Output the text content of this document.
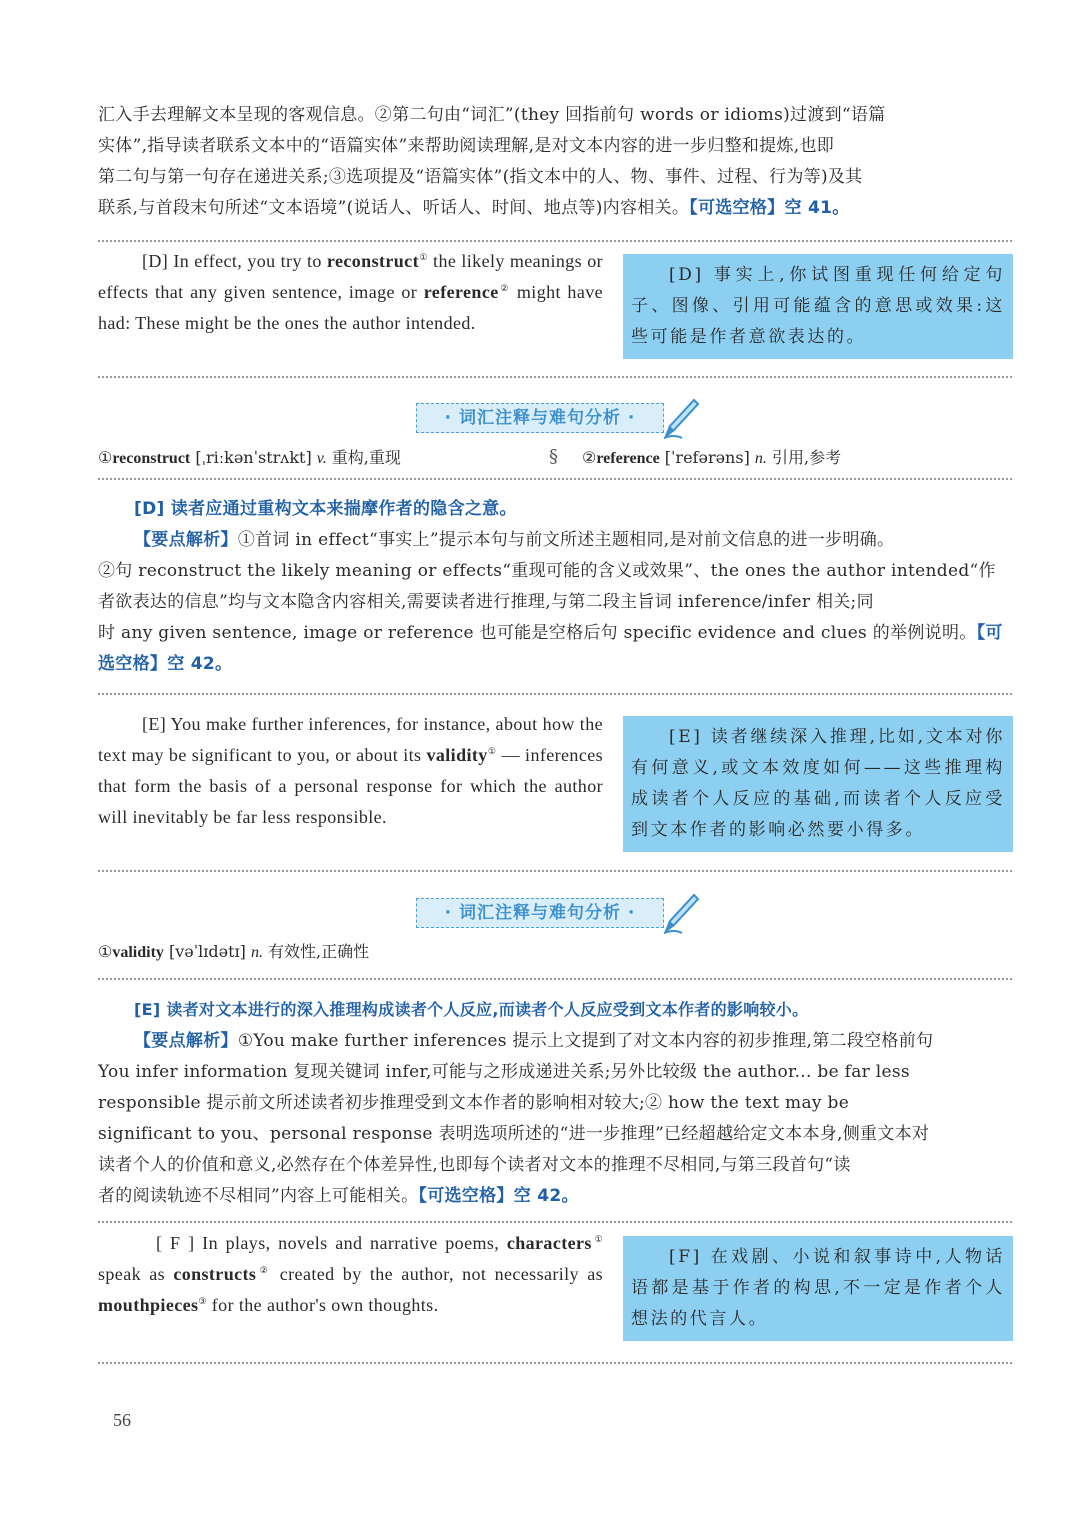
汇入手去理解文本呈现的客观信息。②第二句由“词汇”(they 回指前句 words or idioms)过渡到“语篇
实体”,指导读者联系文本中的“语篇实体”来帮助阅读理解,是对文本内容的进一步归整和提炼,也即
第二句与第一句存在递进关系;③选项提及“语篇实体”(指文本中的人、物、事件、过程、行为等)及其
联系,与首段末句所述“文本语境”(说话人、听话人、时间、地点等)内容相关。【可选空格】空 41。
[D] In effect, you try to reconstruct① the likely meanings or effects that any given sentence, image or reference② might have had: These might be the ones the author intended.
[D] 事实上,你试图重现任何给定句子、图像、引用可能蕴含的意思或效果:这些可能是作者意欲表达的。
· 词汇注释与难句分析 ·
①reconstruct [ˌriːkənˈstrʌkt] v. 重构,重现	§ ②reference [ˈrefərəns] n. 引用,参考
[D] 读者应通过重构文本来揣摩作者的隐含之意。
【要点解析】①首词 in effect“事实上”提示本句与前文所述主题相同,是对前文信息的进一步明确。
②句 reconstruct the likely meaning or effects“重现可能的含义或效果”、the ones the author intended“作
者欲表达的信息”均与文本隐含内容相关,需要读者进行推理,与第二段主旨词 inference/infer 相关;同
时 any given sentence, image or reference 也可能是空格后句 specific evidence and clues 的举例说明。【可
选空格】空 42。
[E] You make further inferences, for instance, about how the text may be significant to you, or about its validity① — inferences that form the basis of a personal response for which the author will inevitably be far less responsible.
[E] 读者继续深入推理,比如,文本对你有何意义,或文本效度如何——这些推理构成读者个人反应的基础,而读者个人反应受到文本作者的影响必然要小得多。
· 词汇注释与难句分析 ·
①validity [vəˈlɪdətɪ] n. 有效性,正确性
[E] 读者对文本进行的深入推理构成读者个人反应,而读者个人反应受到文本作者的影响较小。
【要点解析】①You make further inferences 提示上文提到了对文本内容的初步推理,第二段空格前句
You infer information 复现关键词 infer,可能与之形成递进关系;另外比较级 the author... be far less
responsible 提示前文所述读者初步推理受到文本作者的影响相对较大;② how the text may be
significant to you、personal response 表明选项所述的“进一步推理”已经超越给定文本本身,侧重文本对
读者个人的价值和意义,必然存在个体差异性,也即每个读者对文本的推理不尽相同,与第三段首句“读
者的阅读轨迹不尽相同”内容上可能相关。【可选空格】空 42。
[ F ] In plays, novels and narrative poems, characters① speak as constructs② created by the author, not necessarily as mouthpieces③ for the author's own thoughts.
[F] 在戏剧、小说和叙事诗中,人物话语都是基于作者的构思,不一定是作者个人想法的代言人。
56
